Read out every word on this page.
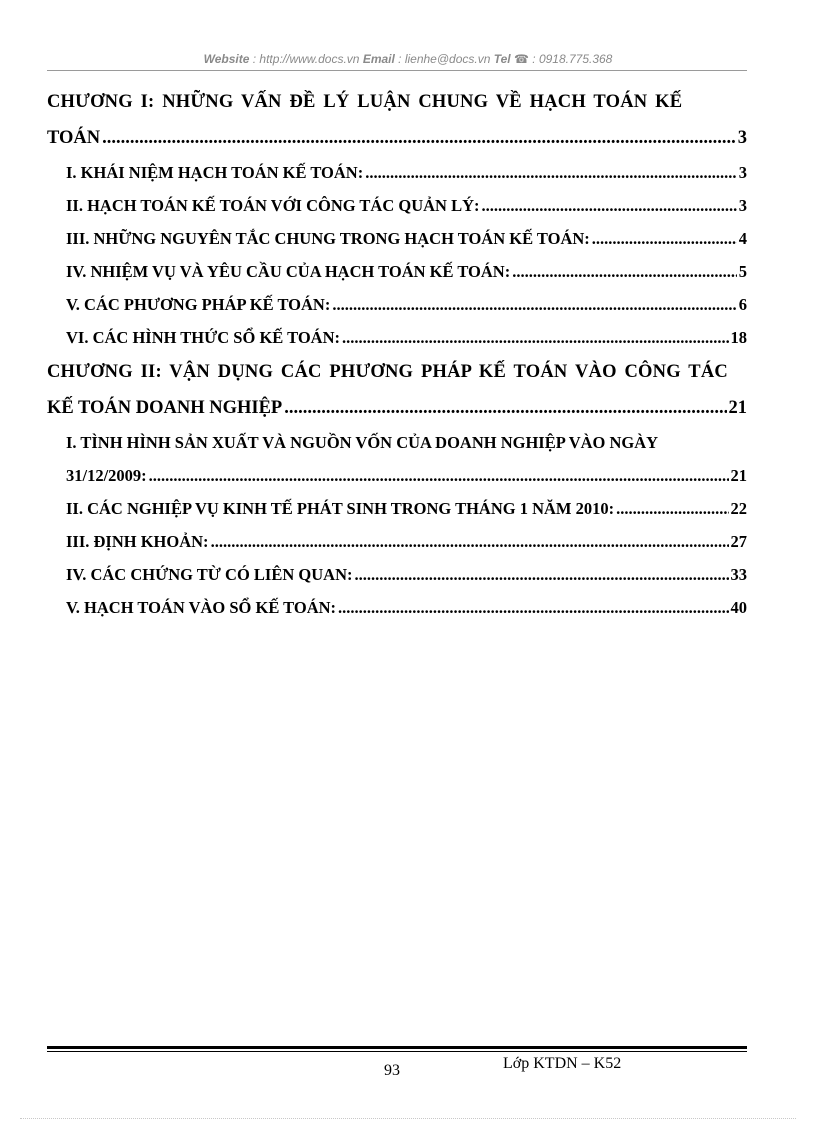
Website : http://www.docs.vn Email : lienhe@docs.vn Tel ☎ : 0918.775.368
CHƯƠNG I: NHỮNG VẤN ĐỀ LÝ LUẬN CHUNG VỀ HẠCH TOÁN KẾ
TOÁN .....	3
I. KHÁI NIỆM HẠCH TOÁN KẾ TOÁN: .....	3
II. HẠCH TOÁN KẾ TOÁN VỚI CÔNG TÁC QUẢN LÝ: .....	3
III. NHỮNG NGUYÊN TẮC CHUNG TRONG HẠCH TOÁN KẾ TOÁN: .....	4
IV. NHIỆM VỤ VÀ YÊU CẦU CỦA HẠCH TOÁN KẾ TOÁN: .....	5
V. CÁC PHƯƠNG PHÁP KẾ TOÁN: .....	6
VI. CÁC HÌNH THỨC SỔ KẾ TOÁN: .....	18
CHƯƠNG II: VẬN DỤNG CÁC PHƯƠNG PHÁP KẾ TOÁN VÀO CÔNG TÁC
KẾ TOÁN DOANH NGHIỆP .....	21
I. TÌNH HÌNH SẢN XUẤT VÀ NGUỒN VỐN CỦA DOANH NGHIỆP VÀO NGÀY
31/12/2009: .....	21
II. CÁC NGHIỆP VỤ KINH TẾ PHÁT SINH TRONG THÁNG 1 NĂM 2010: .....	22
III. ĐỊNH KHOẢN: .....	27
IV. CÁC CHỨNG TỪ CÓ LIÊN QUAN: .....	33
V. HẠCH TOÁN VÀO SỔ KẾ TOÁN: .....	40
93	Lớp KTDN – K52
